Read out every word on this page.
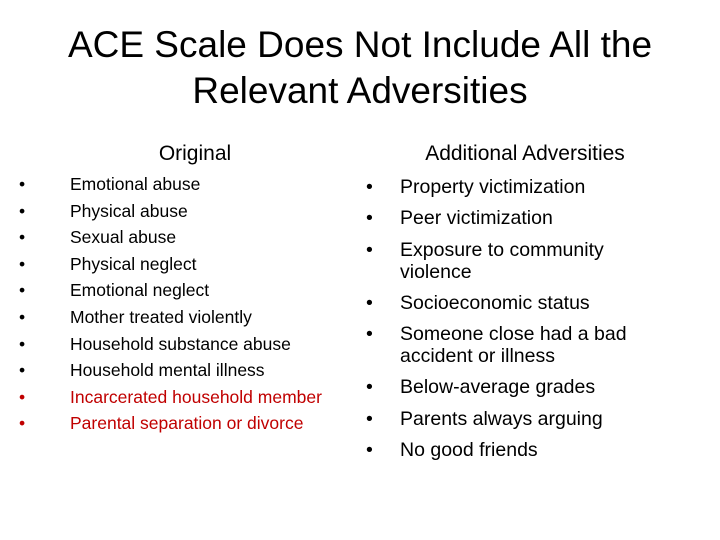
ACE Scale Does Not Include All the
Relevant Adversities
Original	Additional Adversities
•	Emotional abuse
•	Physical abuse
•	Sexual abuse
•	Physical neglect
•	Emotional neglect
•	Mother treated violently
•	Household substance abuse
•	Household mental illness
•	Incarcerated household member
•	Parental separation or divorce
• Property victimization
• Peer victimization
• Exposure to community violence
• Socioeconomic status
• Someone close had a bad accident or illness
• Below-average grades
• Parents always arguing
• No good friends
